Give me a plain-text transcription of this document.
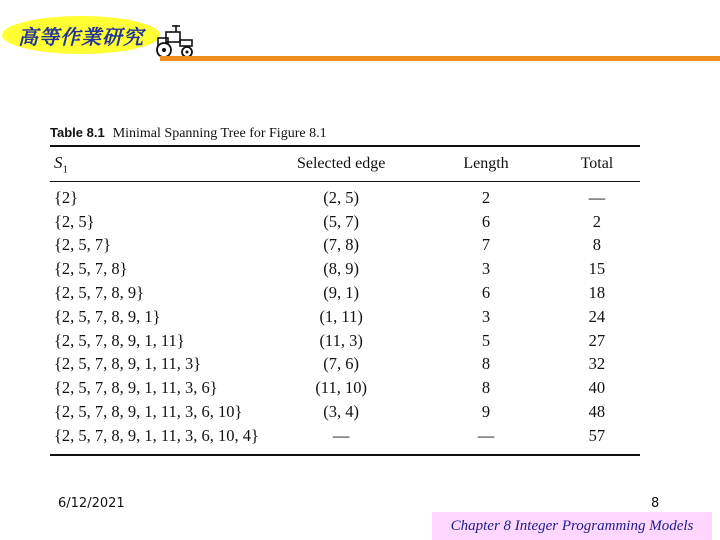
高等作業研究
Table 8.1 Minimal Spanning Tree for Figure 8.1
$S_1$	Selected edge	Length	Total
{2}	(2, 5)	2	—
{2, 5}	(5, 7)	6	2
{2, 5, 7}	(7, 8)	7	8
{2, 5, 7, 8}	(8, 9)	3	15
{2, 5, 7, 8, 9}	(9, 1)	6	18
{2, 5, 7, 8, 9, 1}	(1, 11)	3	24
{2, 5, 7, 8, 9, 1, 11}	(11, 3)	5	27
{2, 5, 7, 8, 9, 1, 11, 3}	(7, 6)	8	32
{2, 5, 7, 8, 9, 1, 11, 3, 6}	(11, 10)	8	40
{2, 5, 7, 8, 9, 1, 11, 3, 6, 10}	(3, 4)	9	48
{2, 5, 7, 8, 9, 1, 11, 3, 6, 10, 4}	—	—	57
6/12/2021	8
Chapter 8 Integer Programming Models
